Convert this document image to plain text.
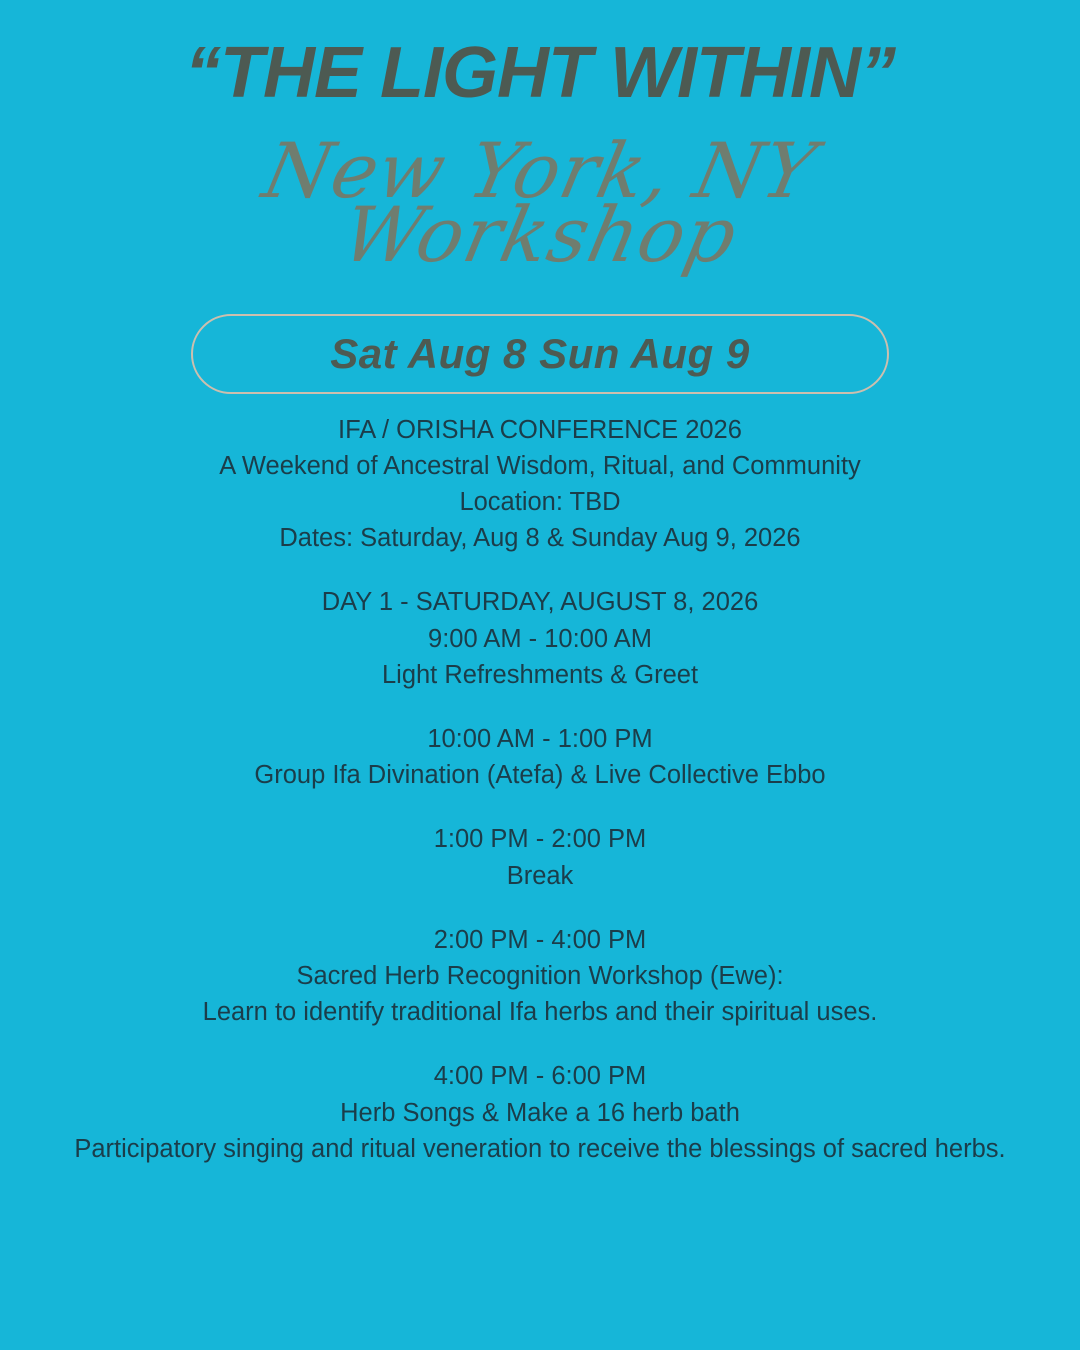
“THE LIGHT WITHIN”
New York, NY
Workshop
Sat Aug 8 Sun Aug 9

IFA / ORISHA CONFERENCE 2026
A Weekend of Ancestral Wisdom, Ritual, and Community
Location: TBD
Dates: Saturday, Aug 8 & Sunday Aug 9, 2026

DAY 1 - SATURDAY, AUGUST 8, 2026
9:00 AM - 10:00 AM
Light Refreshments & Greet

10:00 AM - 1:00 PM
Group Ifa Divination (Atefa) & Live Collective Ebbo

1:00 PM - 2:00 PM
Break

2:00 PM - 4:00 PM
Sacred Herb Recognition Workshop (Ewe):
Learn to identify traditional Ifa herbs and their spiritual uses.

4:00 PM - 6:00 PM
Herb Songs & Make a 16 herb bath
Participatory singing and ritual veneration to receive the blessings of sacred herbs.
